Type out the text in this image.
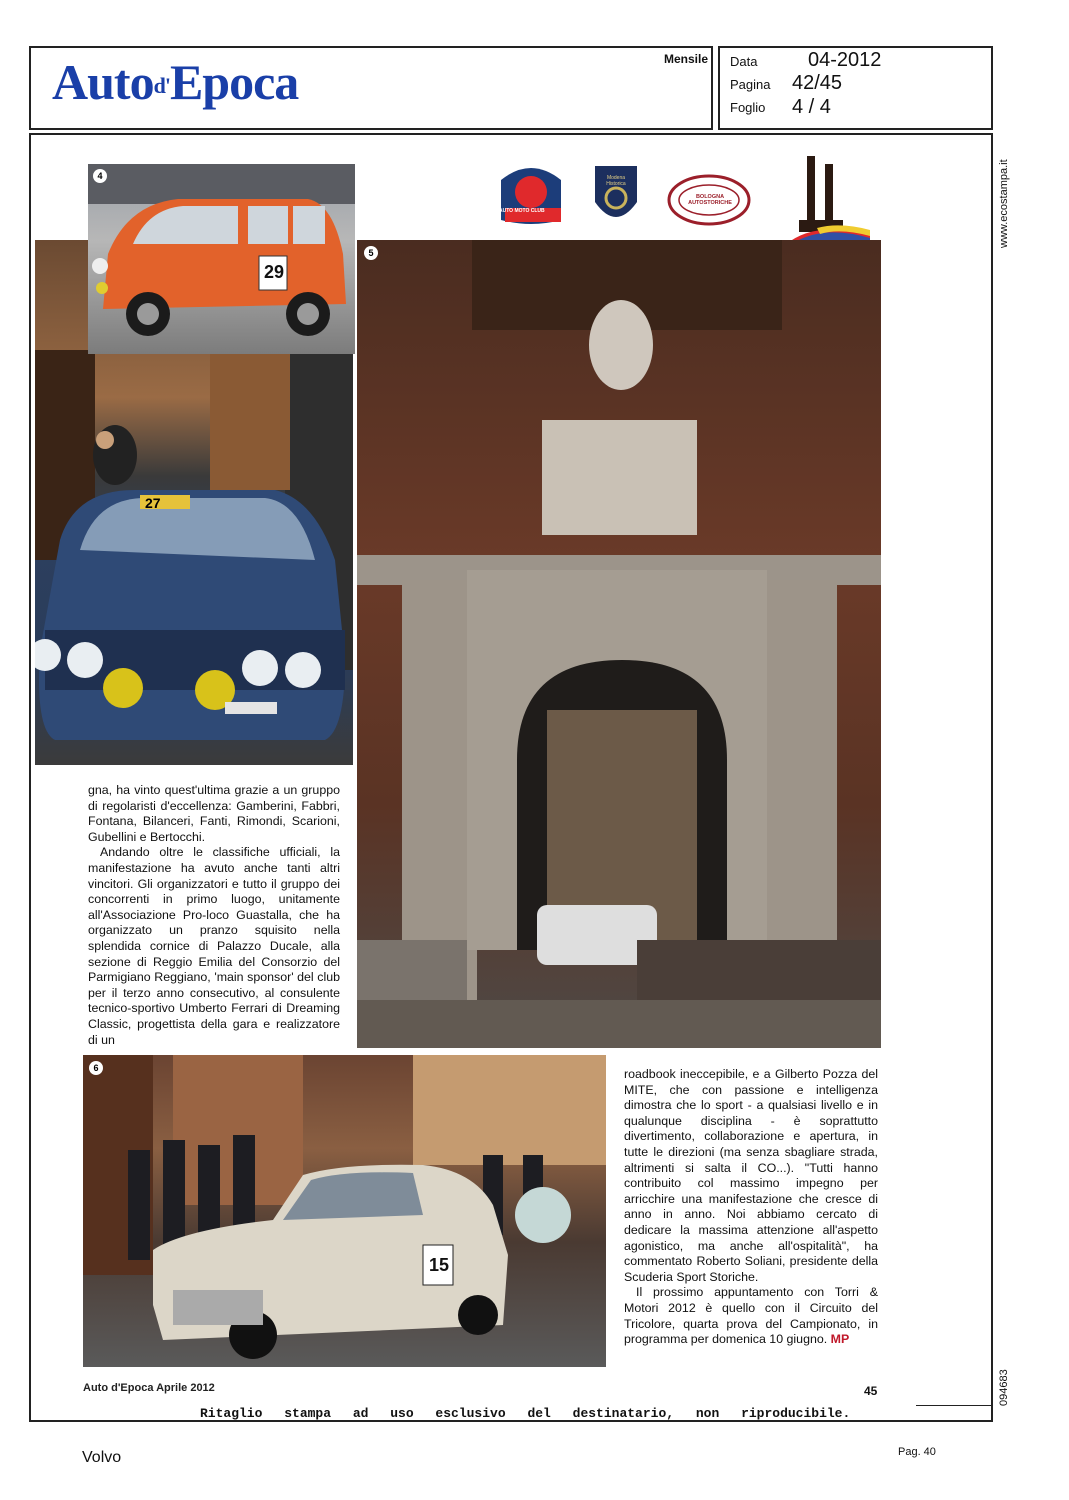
Auto$^{d'}$Epoca	Mensile Data	04-2012
Pagina 42/45
Foglio 4 / 4
www.ecostampa.it
094683
27
4
29
AUTO MOTO CLUB
Modena Historica
BOLOGNA AUTOSTORICHE
5

gna, ha vinto quest'ultima grazie a un gruppo di regolaristi d'eccellenza: Gamberini, Fabbri, Fontana, Bilanceri, Fanti, Rimondi, Scarioni, Gubellini e Bertocchi.

Andando oltre le classifiche ufficiali, la manifestazione ha avuto anche tanti altri vincitori. Gli organizzatori e tutto il gruppo dei concorrenti in primo luogo, unitamente all'Associazione Pro-loco Guastalla, che ha organizzato un pranzo squisito nella splendida cornice di Palazzo Ducale, alla sezione di Reggio Emilia del Consorzio del Parmigiano Reggiano, 'main sponsor' del club per il terzo anno consecutivo, al consulente tecnico-sportivo Umberto Ferrari di Dreaming Classic, progettista della gara e realizzatore di un

6
15

roadbook ineccepibile, e a Gilberto Pozza del MITE, che con passione e intelligenza dimostra che lo sport - a qualsiasi livello e in qualunque disciplina - è soprattutto divertimento, collaborazione e apertura, in tutte le direzioni (ma senza sbagliare strada, altrimenti si salta il CO...). "Tutti hanno contribuito col massimo impegno per arricchire una manifestazione che cresce di anno in anno. Noi abbiamo cercato di dedicare la massima attenzione all'aspetto agonistico, ma anche all'ospitalità", ha commentato Roberto Soliani, presidente della Scuderia Sport Storiche.

Il prossimo appuntamento con Torri & Motori 2012 è quello con il Circuito del Tricolore, quarta prova del Campionato, in programma per domenica 10 giugno. MP

Auto d'Epoca Aprile 2012	45
Ritaglio stampa ad uso esclusivo del destinatario, non riproducibile.
Volvo	Pag. 40
